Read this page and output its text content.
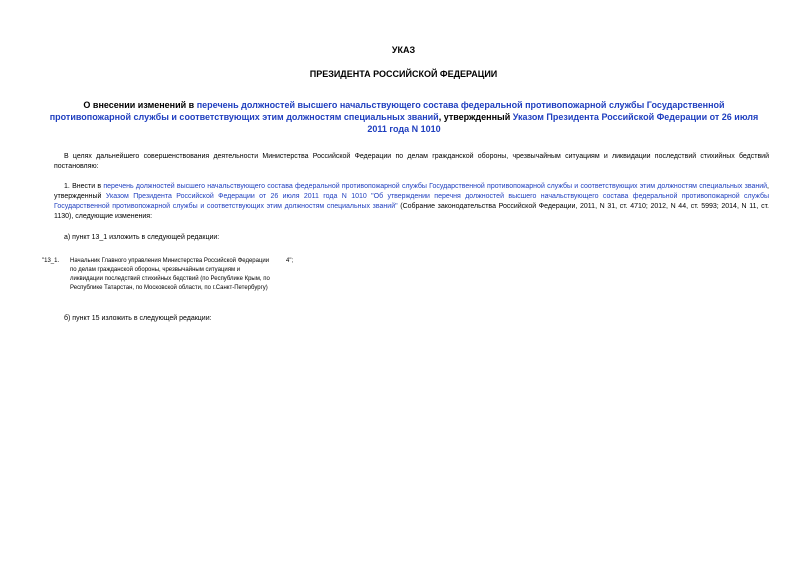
УКАЗ
ПРЕЗИДЕНТА РОССИЙСКОЙ ФЕДЕРАЦИИ
О внесении изменений в перечень должностей высшего начальствующего состава федеральной противопожарной службы Государственной противопожарной службы и соответствующих этим должностям специальных званий, утвержденный Указом Президента Российской Федерации от 26 июля 2011 года N 1010
В целях дальнейшего совершенствования деятельности Министерства Российской Федерации по делам гражданской обороны, чрезвычайным ситуациям и ликвидации последствий стихийных бедствий постановляю:
1. Внести в перечень должностей высшего начальствующего состава федеральной противопожарной службы Государственной противопожарной службы и соответствующих этим должностям специальных званий, утвержденный Указом Президента Российской Федерации от 26 июля 2011 года N 1010 "Об утверждении перечня должностей высшего начальствующего состава федеральной противопожарной службы Государственной противопожарной службы и соответствующих этим должностям специальных званий" (Собрание законодательства Российской Федерации, 2011, N 31, ст. 4710; 2012, N 44, ст. 5993; 2014, N 11, ст. 1130), следующие изменения:
а) пункт 13_1 изложить в следующей редакции:
"13_1. Начальник Главного управления Министерства Российской Федерации по делам гражданской обороны, чрезвычайным ситуациям и ликвидации последствий стихийных бедствий (по Республике Крым, по Республике Татарстан, по Московской области, по г.Санкт-Петербургу)
4";
б) пункт 15 изложить в следующей редакции:
